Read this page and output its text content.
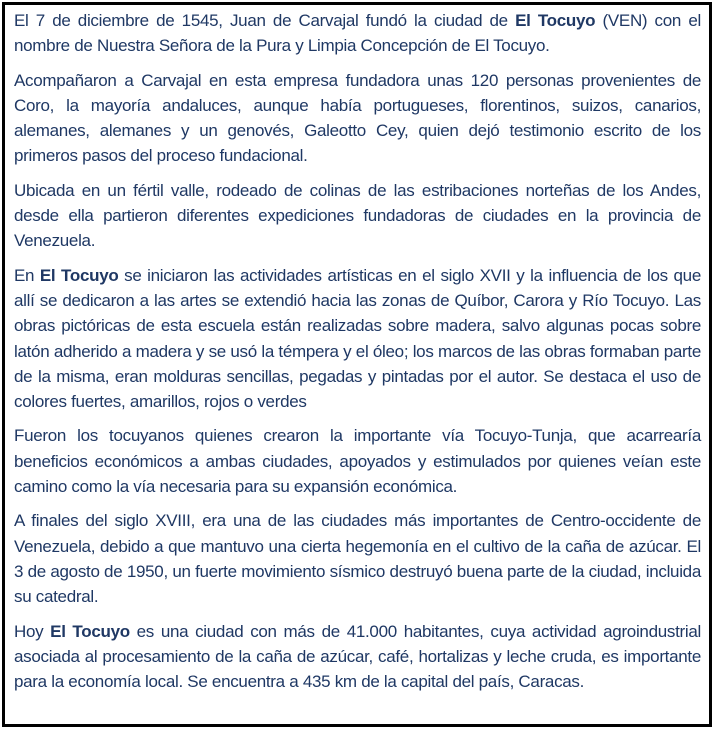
El 7 de diciembre de 1545, Juan de Carvajal fundó la ciudad de El Tocuyo (VEN) con el nombre de Nuestra Señora de la Pura y Limpia Concepción de El Tocuyo.

Acompañaron a Carvajal en esta empresa fundadora unas 120 personas provenientes de Coro, la mayoría andaluces, aunque había portugueses, florentinos, suizos, canarios, alemanes, alemanes y un genovés, Galeotto Cey, quien dejó testimonio escrito de los primeros pasos del proceso fundacional.

Ubicada en un fértil valle, rodeado de colinas de las estribaciones norteñas de los Andes, desde ella partieron diferentes expediciones fundadoras de ciudades en la provincia de Venezuela.

En El Tocuyo se iniciaron las actividades artísticas en el siglo XVII y la influencia de los que allí se dedicaron a las artes se extendió hacia las zonas de Quíbor, Carora y Río Tocuyo. Las obras pictóricas de esta escuela están realizadas sobre madera, salvo algunas pocas sobre latón adherido a madera y se usó la témpera y el óleo; los marcos de las obras formaban parte de la misma, eran molduras sencillas, pegadas y pintadas por el autor. Se destaca el uso de colores fuertes, amarillos, rojos o verdes

Fueron los tocuyanos quienes crearon la importante vía Tocuyo-Tunja, que acarrearía beneficios económicos a ambas ciudades, apoyados y estimulados por quienes veían este camino como la vía necesaria para su expansión económica.

A finales del siglo XVIII, era una de las ciudades más importantes de Centro-occidente de Venezuela, debido a que mantuvo una cierta hegemonía en el cultivo de la caña de azúcar. El 3 de agosto de 1950, un fuerte movimiento sísmico destruyó buena parte de la ciudad, incluida su catedral.

Hoy El Tocuyo es una ciudad con más de 41.000 habitantes, cuya actividad agroindustrial asociada al procesamiento de la caña de azúcar, café, hortalizas y leche cruda, es importante para la economía local. Se encuentra a 435 km de la capital del país, Caracas.
